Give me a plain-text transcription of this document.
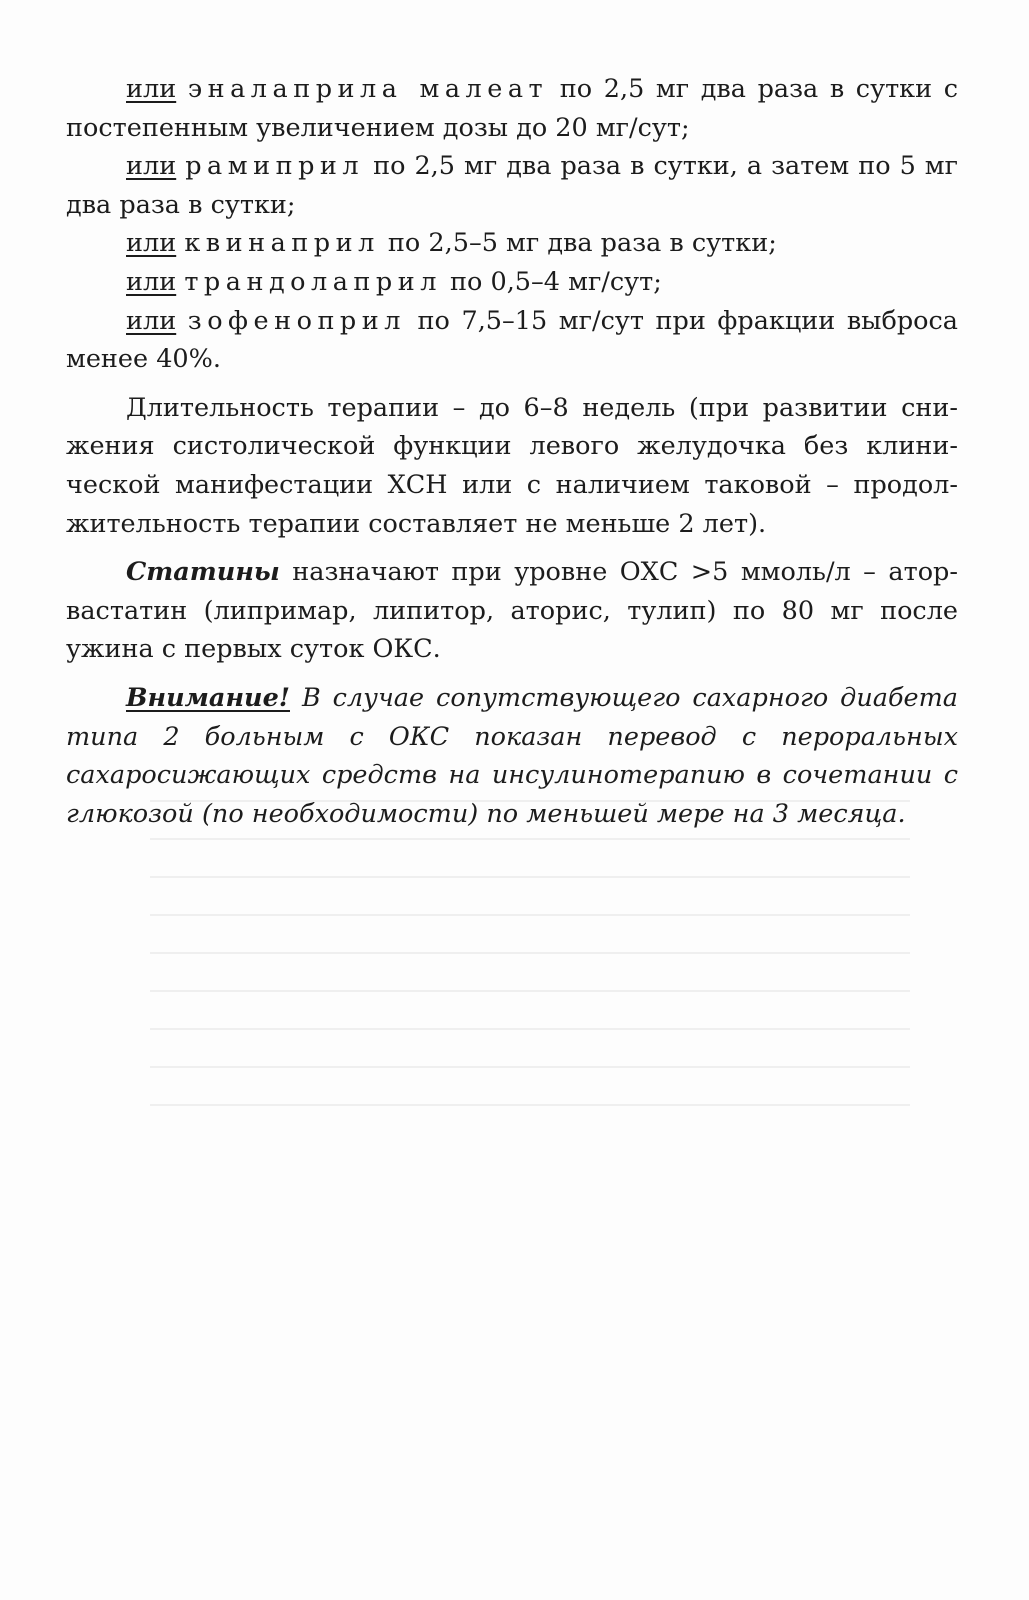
или эналаприла малеат по 2,5 мг два раза в сутки с постепенным увеличением дозы до 20 мг/сут;

или рамиприл по 2,5 мг два раза в сутки, а затем по 5 мг два раза в сутки;

или квинаприл по 2,5–5 мг два раза в сутки;

или трандолаприл по 0,5–4 мг/сут;

или зофеноприл по 7,5–15 мг/сут при фракции выброса менее 40%.

Длительность терапии – до 6–8 недель (при развитии снижения систолической функции левого желудочка без клинической манифестации ХСН или с наличием таковой – продолжительность терапии составляет не меньше 2 лет).

Статины назначают при уровне ОХС >5 ммоль/л – аторвастатин (липримар, липитор, аторис, тулип) по 80 мг после ужина с первых суток ОКС.

Внимание! В случае сопутствующего сахарного диабета типа 2 больным с ОКС показан перевод с пероральных сахаросижающих средств на инсулинотерапию в сочетании с глюкозой (по необходимости) по меньшей мере на 3 месяца.
